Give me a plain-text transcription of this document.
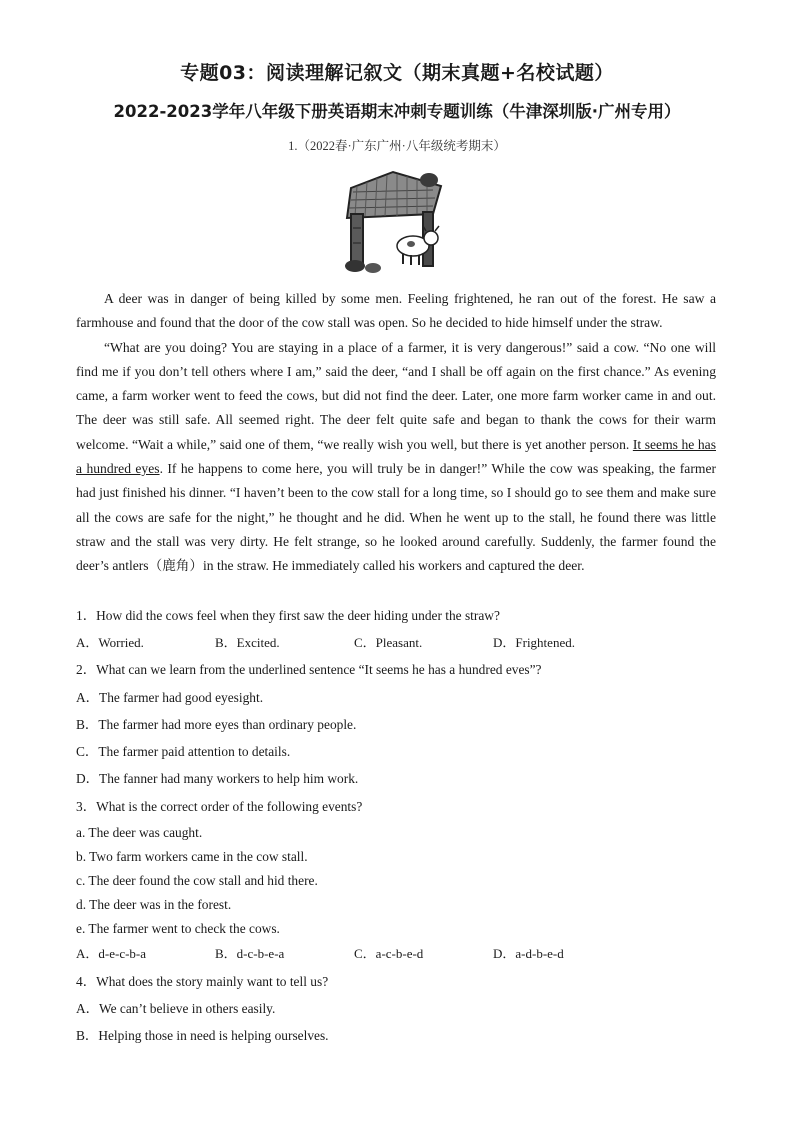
专题03：阅读理解记叙文（期末真题+名校试题）
2022-2023学年八年级下册英语期末冲刺专题训练（牛津深圳版·广州专用）
1.（2022春·广东广州·八年级统考期末）

A deer was in danger of being killed by some men. Feeling frightened, he ran out of the forest. He saw a farmhouse and found that the door of the cow stall was open. So he decided to hide himself under the straw.

“What are you doing? You are staying in a place of a farmer, it is very dangerous!” said a cow. “No one will find me if you don’t tell others where I am,” said the deer, “and I shall be off again on the first chance.” As evening came, a farm worker went to feed the cows, but did not find the deer. Later, one more farm worker came in and out. The deer was still safe. All seemed right. The deer felt quite safe and began to thank the cows for their warm welcome. “Wait a while,” said one of them, “we really wish you well, but there is yet another person. It seems he has a hundred eyes. If he happens to come here, you will truly be in danger!” While the cow was speaking, the farmer had just finished his dinner. “I haven’t been to the cow stall for a long time, so I should go to see them and make sure all the cows are safe for the night,” he thought and he did. When he went up to the stall, he found there was little straw and the stall was very dirty. He felt strange, so he looked around carefully. Suddenly, the farmer found the deer’s antlers（鹿角）in the straw. He immediately called his workers and captured the deer.

1．How did the cows feel when they first saw the deer hiding under the straw?
A．Worried.	B．Excited.	C．Pleasant.	D．Frightened.
2．What can we learn from the underlined sentence “It seems he has a hundred eves”?
A．The farmer had good eyesight.
B．The farmer had more eyes than ordinary people.
C．The farmer paid attention to details.
D．The fanner had many workers to help him work.
3．What is the correct order of the following events?
a. The deer was caught.
b. Two farm workers came in the cow stall.
c. The deer found the cow stall and hid there.
d. The deer was in the forest.
e. The farmer went to check the cows.
A．d-e-c-b-a	B．d-c-b-e-a	C．a-c-b-e-d	D．a-d-b-e-d
4．What does the story mainly want to tell us?
A．We can’t believe in others easily.
B．Helping those in need is helping ourselves.
